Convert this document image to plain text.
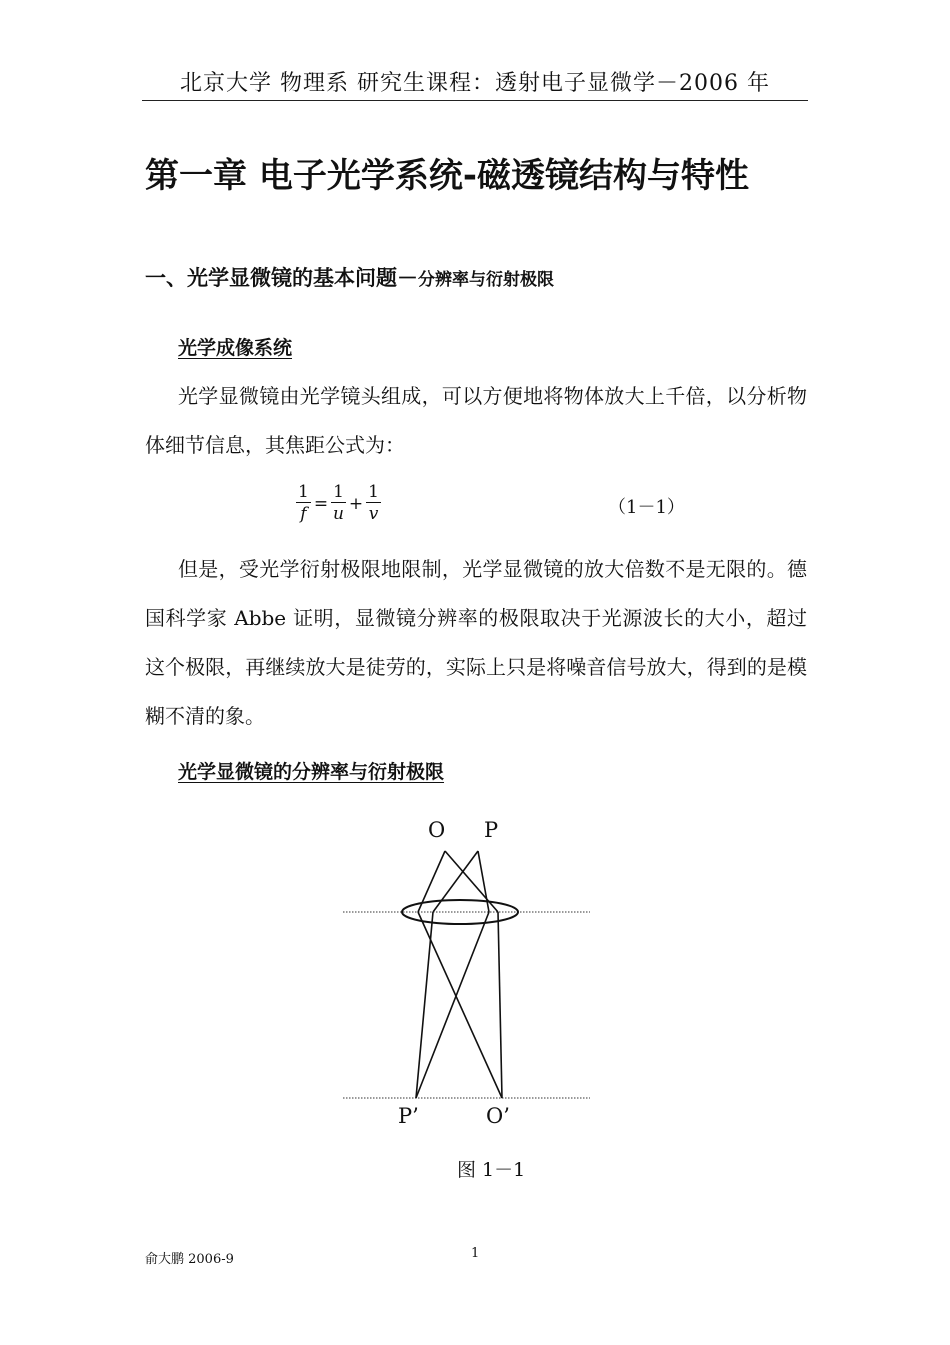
北京大学 物理系 研究生课程：透射电子显微学－2006 年
第一章 电子光学系统-磁透镜结构与特性
一、光学显微镜的基本问题－分辨率与衍射极限
光学成像系统
光学显微镜由光学镜头组成，可以方便地将物体放大上千倍，以分析物体细节信息，其焦距公式为：
$\frac{1}{f} = \frac{1}{u} + \frac{1}{v}$	（1－1）
但是，受光学衍射极限地限制，光学显微镜的放大倍数不是无限的。德国科学家 Abbe 证明，显微镜分辨率的极限取决于光源波长的大小，超过这个极限，再继续放大是徒劳的，实际上只是将噪音信号放大，得到的是模糊不清的象。
光学显微镜的分辨率与衍射极限
O P
P’	O’
图 1－1
俞大鹏 2006-9	1
